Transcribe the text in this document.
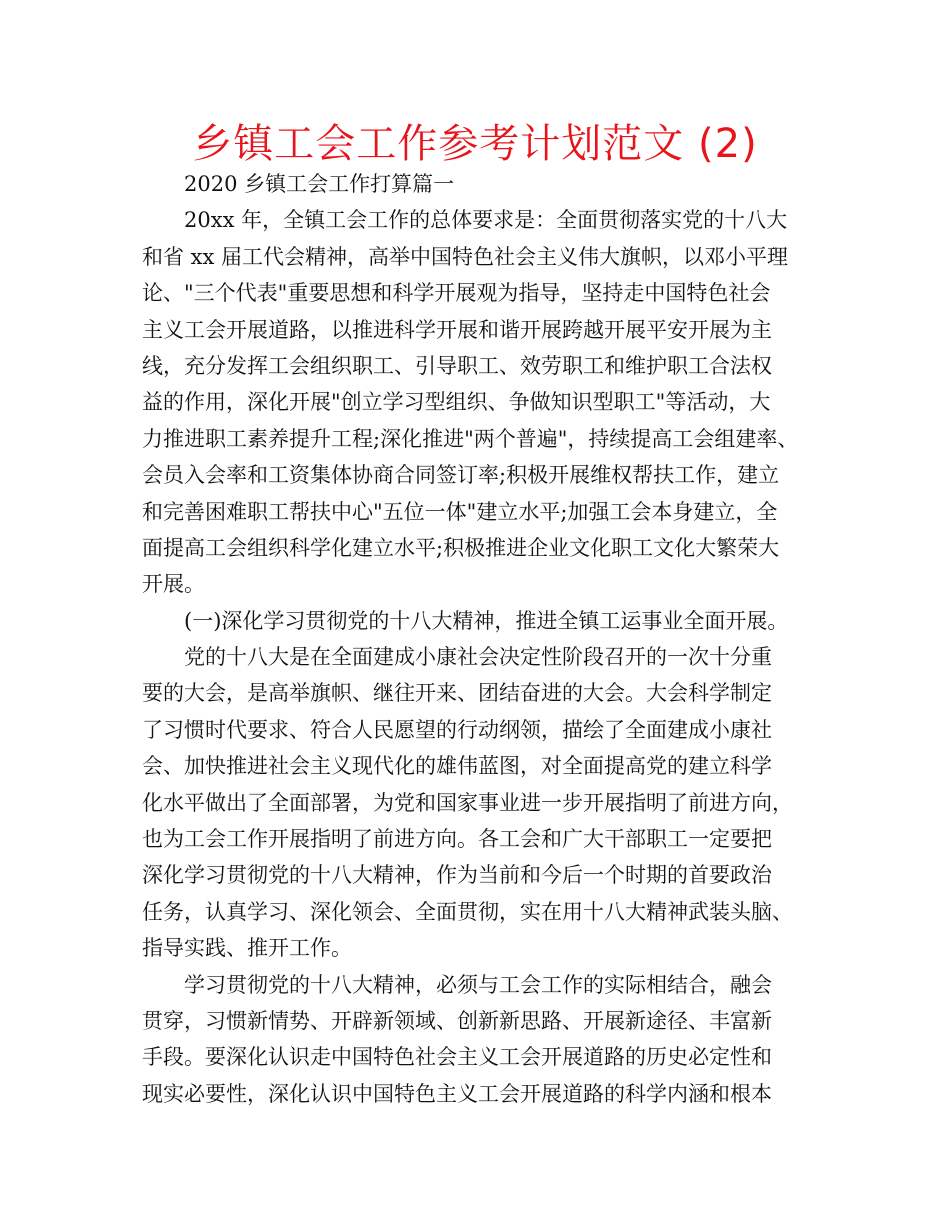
乡镇工会工作参考计划范文 (2)
2020 乡镇工会工作打算篇一
20xx 年，全镇工会工作的总体要求是：全面贯彻落实党的十八大
和省 xx 届工代会精神，高举中国特色社会主义伟大旗帜，以邓小平理
论、"三个代表"重要思想和科学开展观为指导，坚持走中国特色社会
主义工会开展道路，以推进科学开展和谐开展跨越开展平安开展为主
线，充分发挥工会组织职工、引导职工、效劳职工和维护职工合法权
益的作用，深化开展"创立学习型组织、争做知识型职工"等活动，大
力推进职工素养提升工程;深化推进"两个普遍"，持续提高工会组建率、
会员入会率和工资集体协商合同签订率;积极开展维权帮扶工作，建立
和完善困难职工帮扶中心"五位一体"建立水平;加强工会本身建立，全
面提高工会组织科学化建立水平;积极推进企业文化职工文化大繁荣大
开展。
(一)深化学习贯彻党的十八大精神，推进全镇工运事业全面开展。
党的十八大是在全面建成小康社会决定性阶段召开的一次十分重
要的大会，是高举旗帜、继往开来、团结奋进的大会。大会科学制定
了习惯时代要求、符合人民愿望的行动纲领，描绘了全面建成小康社
会、加快推进社会主义现代化的雄伟蓝图，对全面提高党的建立科学
化水平做出了全面部署，为党和国家事业进一步开展指明了前进方向，
也为工会工作开展指明了前进方向。各工会和广大干部职工一定要把
深化学习贯彻党的十八大精神，作为当前和今后一个时期的首要政治
任务，认真学习、深化领会、全面贯彻，实在用十八大精神武装头脑、
指导实践、推开工作。
学习贯彻党的十八大精神，必须与工会工作的实际相结合，融会
贯穿，习惯新情势、开辟新领域、创新新思路、开展新途径、丰富新
手段。要深化认识走中国特色社会主义工会开展道路的历史必定性和
现实必要性，深化认识中国特色主义工会开展道路的科学内涵和根本
